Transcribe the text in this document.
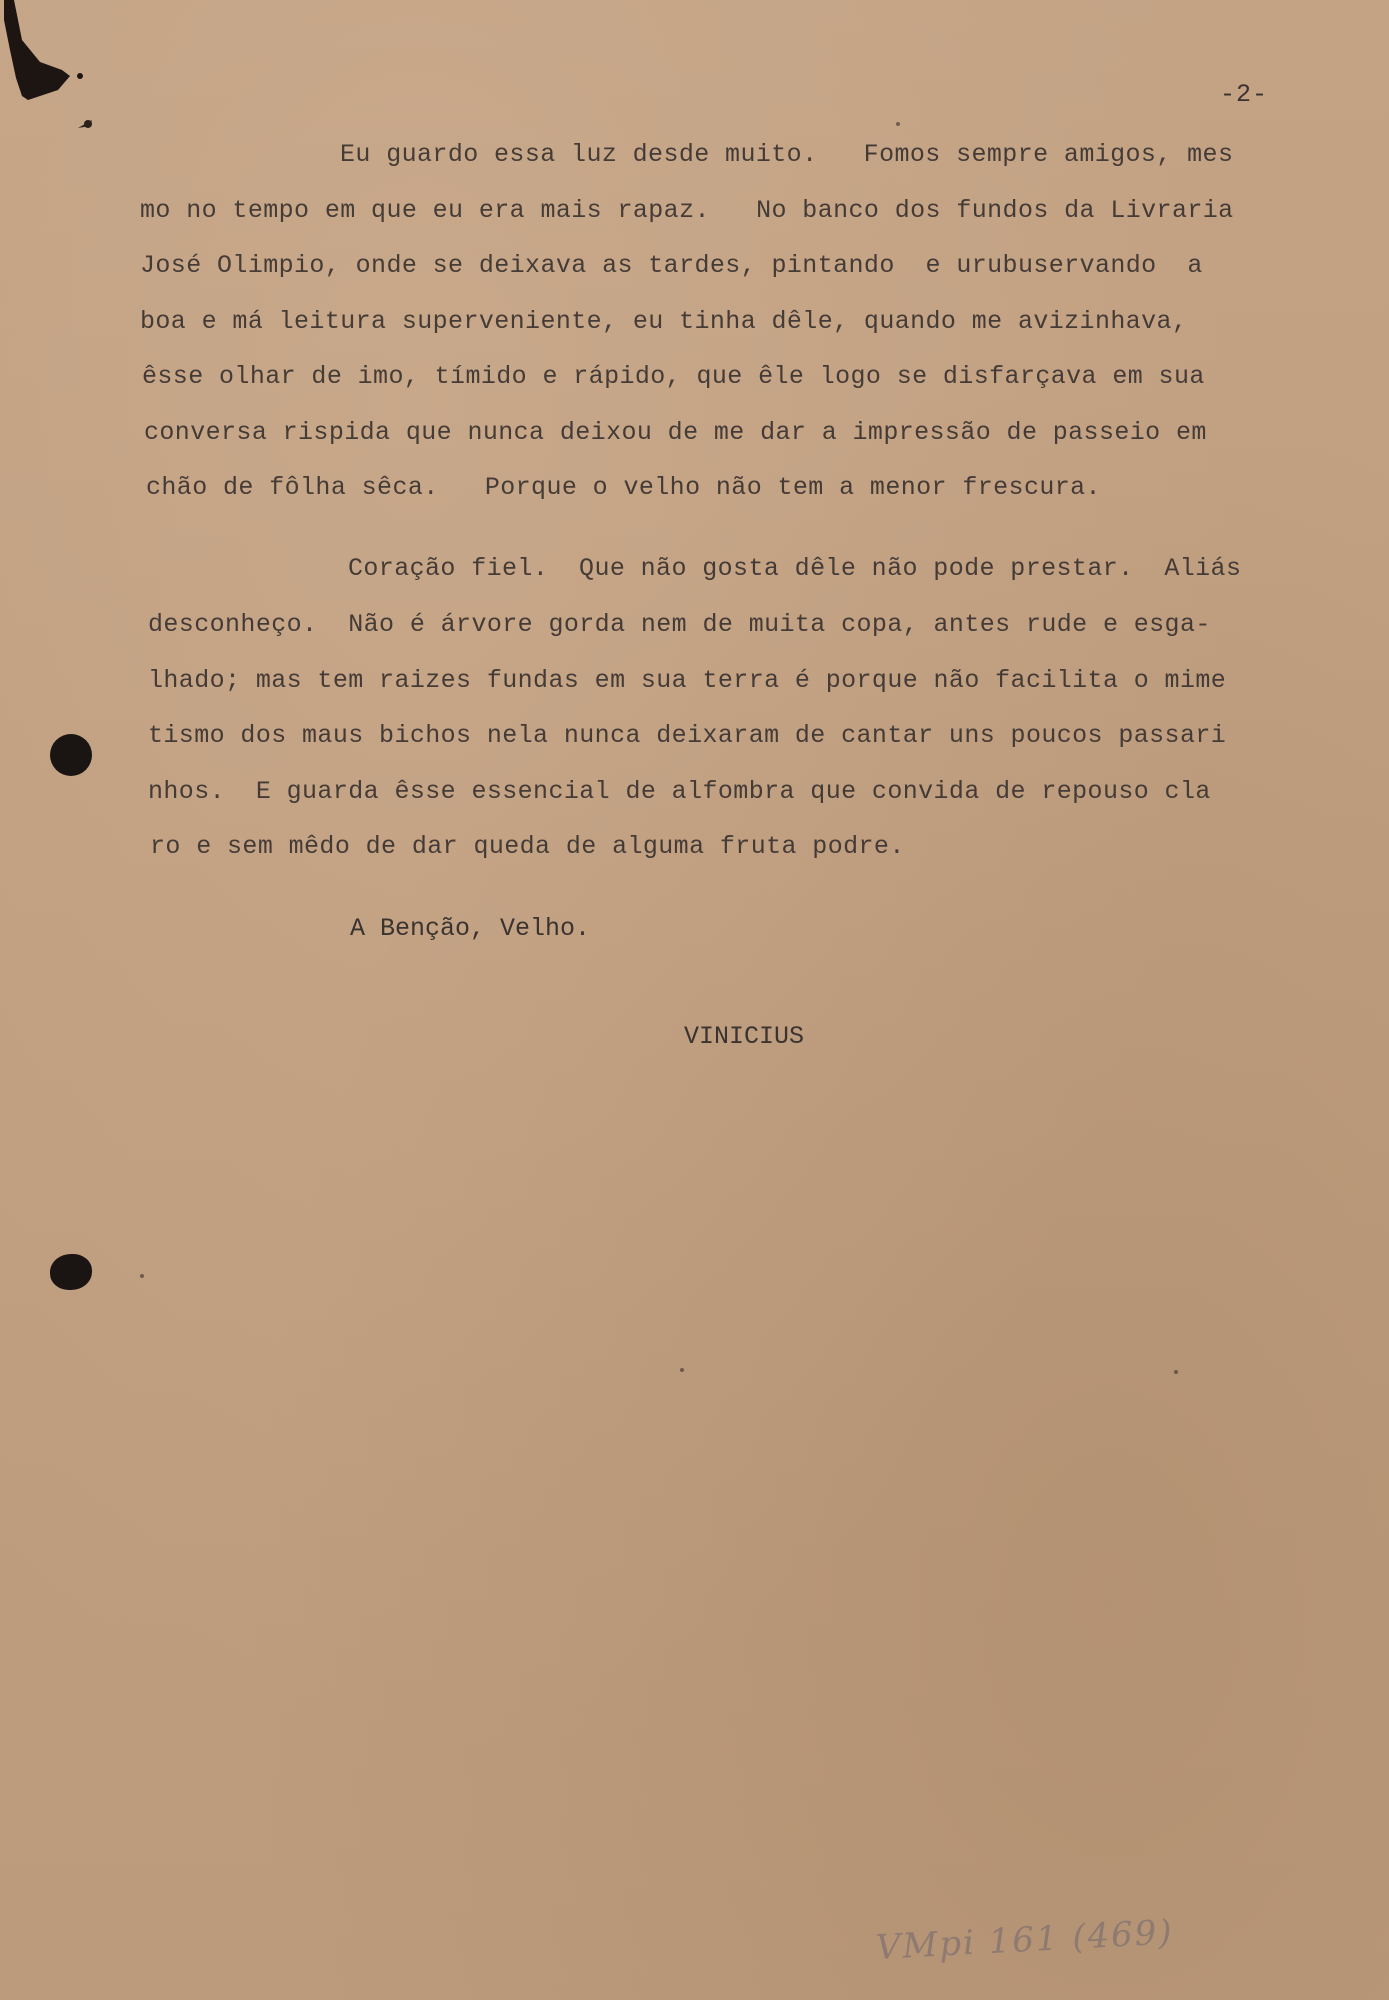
-2-
Eu guardo essa luz desde muito.   Fomos sempre amigos, mes
mo no tempo em que eu era mais rapaz.   No banco dos fundos da Livraria
José Olimpio, onde se deixava as tardes, pintando  e urubuservando  a
boa e má leitura superveniente, eu tinha dêle, quando me avizinhava,
êsse olhar de imo, tímido e rápido, que êle logo se disfarçava em sua
conversa rispida que nunca deixou de me dar a impressão de passeio em
chão de fôlha sêca.   Porque o velho não tem a menor frescura.
Coração fiel.  Que não gosta dêle não pode prestar.  Aliás
desconheço.  Não é árvore gorda nem de muita copa, antes rude e esga-
lhado; mas tem raizes fundas em sua terra é porque não facilita o mime
tismo dos maus bichos nela nunca deixaram de cantar uns poucos passari
nhos.  E guarda êsse essencial de alfombra que convida de repouso cla
ro e sem mêdo de dar queda de alguma fruta podre.
A Benção, Velho.
VINICIUS
VMpi 161 (469)
